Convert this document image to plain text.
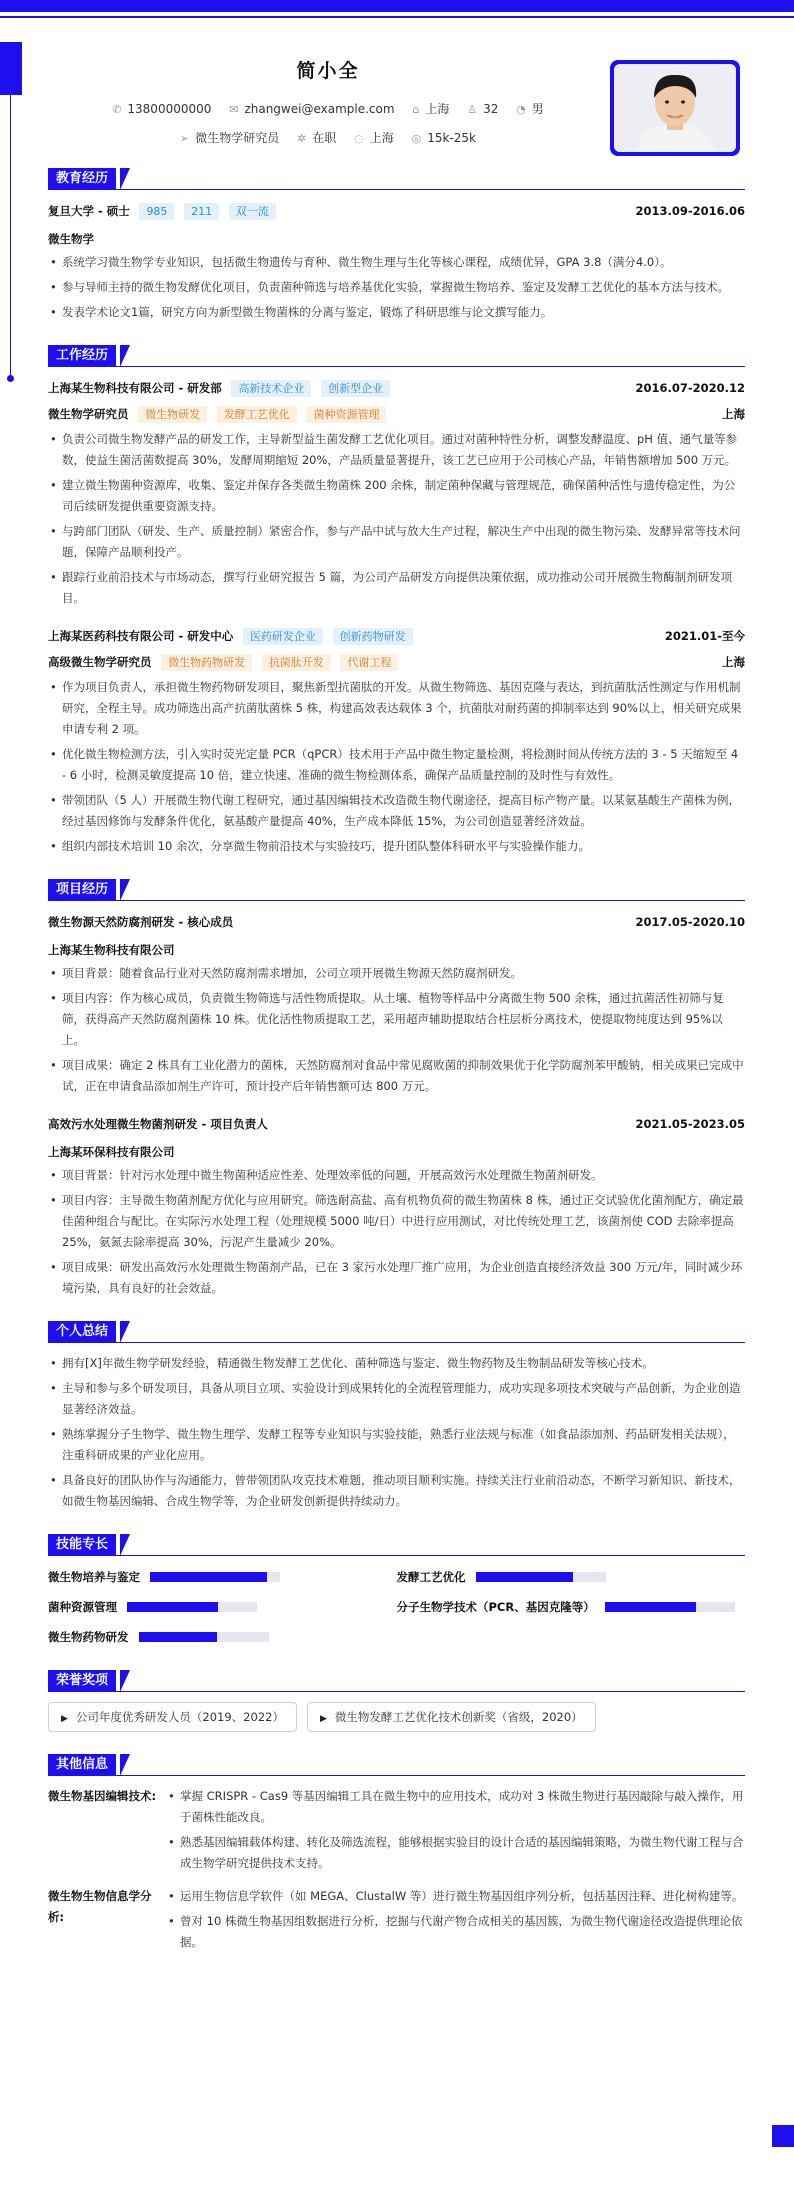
简小全
✆ 13800000000 ✉ zhangwei@example.com ⌂ 上海 ♙ 32 ◔ 男
➢ 微生物学研究员 ✲ 在职 ◌ 上海 ◎ 15k-25k
教育经历
复旦大学 - 硕士 985 211 双一流	2013.09-2016.06
微生物学
• 系统学习微生物学专业知识，包括微生物遗传与育种、微生物生理与生化等核心课程，成绩优异，GPA 3.8（满分4.0）。
• 参与导师主持的微生物发酵优化项目，负责菌种筛选与培养基优化实验，掌握微生物培养、鉴定及发酵工艺优化的基本方法与技术。
• 发表学术论文1篇，研究方向为新型微生物菌株的分离与鉴定，锻炼了科研思维与论文撰写能力。
工作经历
上海某生物科技有限公司 - 研发部 高新技术企业 创新型企业	2016.07-2020.12
微生物学研究员 微生物研发 发酵工艺优化 菌种资源管理	上海
• 负责公司微生物发酵产品的研发工作，主导新型益生菌发酵工艺优化项目。通过对菌种特性分析，调整发酵温度、pH 值、通气量等参数，使益生菌活菌数提高 30%，发酵周期缩短 20%，产品质量显著提升，该工艺已应用于公司核心产品，年销售额增加 500 万元。
• 建立微生物菌种资源库，收集、鉴定并保存各类微生物菌株 200 余株，制定菌种保藏与管理规范，确保菌种活性与遗传稳定性，为公司后续研发提供重要资源支持。
• 与跨部门团队（研发、生产、质量控制）紧密合作，参与产品中试与放大生产过程，解决生产中出现的微生物污染、发酵异常等技术问题，保障产品顺利投产。
• 跟踪行业前沿技术与市场动态，撰写行业研究报告 5 篇，为公司产品研发方向提供决策依据，成功推动公司开展微生物酶制剂研发项目。
上海某医药科技有限公司 - 研发中心 医药研发企业 创新药物研发	2021.01-至今
高级微生物学研究员 微生物药物研发 抗菌肽开发 代谢工程	上海
• 作为项目负责人，承担微生物药物研发项目，聚焦新型抗菌肽的开发。从微生物筛选、基因克隆与表达，到抗菌肽活性测定与作用机制研究，全程主导。成功筛选出高产抗菌肽菌株 5 株，构建高效表达载体 3 个，抗菌肽对耐药菌的抑制率达到 90%以上，相关研究成果申请专利 2 项。
• 优化微生物检测方法，引入实时荧光定量 PCR（qPCR）技术用于产品中微生物定量检测，将检测时间从传统方法的 3 - 5 天缩短至 4 - 6 小时，检测灵敏度提高 10 倍，建立快速、准确的微生物检测体系，确保产品质量控制的及时性与有效性。
• 带领团队（5 人）开展微生物代谢工程研究，通过基因编辑技术改造微生物代谢途径，提高目标产物产量。以某氨基酸生产菌株为例，经过基因修饰与发酵条件优化，氨基酸产量提高 40%，生产成本降低 15%，为公司创造显著经济效益。
• 组织内部技术培训 10 余次，分享微生物前沿技术与实验技巧，提升团队整体科研水平与实验操作能力。
项目经历
微生物源天然防腐剂研发 - 核心成员	2017.05-2020.10
上海某生物科技有限公司
• 项目背景：随着食品行业对天然防腐剂需求增加，公司立项开展微生物源天然防腐剂研发。
• 项目内容：作为核心成员，负责微生物筛选与活性物质提取。从土壤、植物等样品中分离微生物 500 余株，通过抗菌活性初筛与复筛，获得高产天然防腐剂菌株 10 株。优化活性物质提取工艺，采用超声辅助提取结合柱层析分离技术，使提取物纯度达到 95%以上。
• 项目成果：确定 2 株具有工业化潜力的菌株，天然防腐剂对食品中常见腐败菌的抑制效果优于化学防腐剂苯甲酸钠，相关成果已完成中试，正在申请食品添加剂生产许可，预计投产后年销售额可达 800 万元。
高效污水处理微生物菌剂研发 - 项目负责人	2021.05-2023.05
上海某环保科技有限公司
• 项目背景：针对污水处理中微生物菌种适应性差、处理效率低的问题，开展高效污水处理微生物菌剂研发。
• 项目内容：主导微生物菌剂配方优化与应用研究。筛选耐高盐、高有机物负荷的微生物菌株 8 株，通过正交试验优化菌剂配方，确定最佳菌种组合与配比。在实际污水处理工程（处理规模 5000 吨/日）中进行应用测试，对比传统处理工艺，该菌剂使 COD 去除率提高 25%，氨氮去除率提高 30%，污泥产生量减少 20%。
• 项目成果：研发出高效污水处理微生物菌剂产品，已在 3 家污水处理厂推广应用，为企业创造直接经济效益 300 万元/年，同时减少环境污染，具有良好的社会效益。
个人总结
• 拥有[X]年微生物学研发经验，精通微生物发酵工艺优化、菌种筛选与鉴定、微生物药物及生物制品研发等核心技术。
• 主导和参与多个研发项目，具备从项目立项、实验设计到成果转化的全流程管理能力，成功实现多项技术突破与产品创新，为企业创造显著经济效益。
• 熟练掌握分子生物学、微生物生理学、发酵工程等专业知识与实验技能，熟悉行业法规与标准（如食品添加剂、药品研发相关法规），注重科研成果的产业化应用。
• 具备良好的团队协作与沟通能力，曾带领团队攻克技术难题，推动项目顺利实施。持续关注行业前沿动态，不断学习新知识、新技术，如微生物基因编辑、合成生物学等，为企业研发创新提供持续动力。
技能专长
微生物培养与鉴定	发酵工艺优化
菌种资源管理	分子生物学技术（PCR、基因克隆等）
微生物药物研发
荣誉奖项
▶ 公司年度优秀研发人员（2019、2022）	▶ 微生物发酵工艺优化技术创新奖（省级，2020）
其他信息
微生物基因编辑技术:
•	掌握 CRISPR - Cas9 等基因编辑工具在微生物中的应用技术，成功对 3 株微生物进行基因敲除与敲入操作，用于菌株性能改良。
• 熟悉基因编辑载体构建、转化及筛选流程，能够根据实验目的设计合适的基因编辑策略，为微生物代谢工程与合成生物学研究提供技术支持。
微生物生物信息学分析:
• 运用生物信息学软件（如 MEGA、ClustalW 等）进行微生物基因组序列分析，包括基因注释、进化树构建等。
• 曾对 10 株微生物基因组数据进行分析，挖掘与代谢产物合成相关的基因簇，为微生物代谢途径改造提供理论依据。
